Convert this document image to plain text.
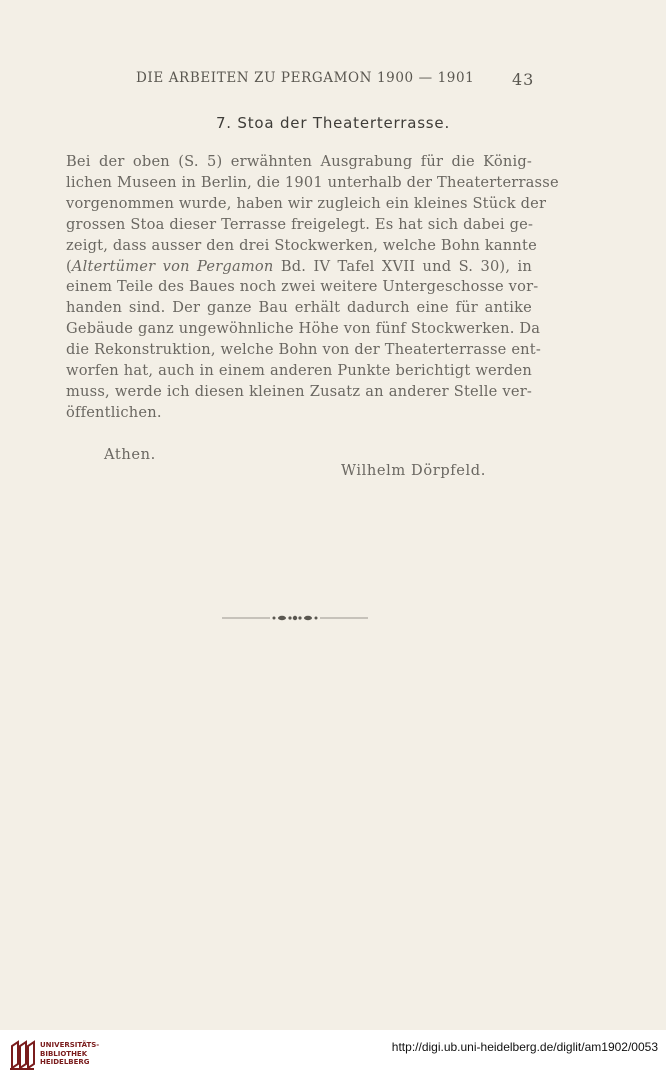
DIE ARBEITEN ZU PERGAMON 1900 — 1901 43
7. Stoa der Theaterterrasse.
Bei der oben (S. 5) erwähnten Ausgrabung für die König-
lichen Museen in Berlin, die 1901 unterhalb der Theaterterrasse
vorgenommen wurde, haben wir zugleich ein kleines Stück der
grossen Stoa dieser Terrasse freigelegt. Es hat sich dabei ge-
zeigt, dass ausser den drei Stockwerken, welche Bohn kannte
(Altertümer von Pergamon Bd. IV Tafel XVII und S. 30), in
einem Teile des Baues noch zwei weitere Untergeschosse vor-
handen sind. Der ganze Bau erhält dadurch eine für antike
Gebäude ganz ungewöhnliche Höhe von fünf Stockwerken. Da
die Rekonstruktion, welche Bohn von der Theaterterrasse ent-
worfen hat, auch in einem anderen Punkte berichtigt werden
muss, werde ich diesen kleinen Zusatz an anderer Stelle ver-
öffentlichen.
Athen.
Wilhelm Dörpfeld.
UNIVERSITÄTS-
BIBLIOTHEK
HEIDELBERG
http://digi.ub.uni-heidelberg.de/diglit/am1902/0053
